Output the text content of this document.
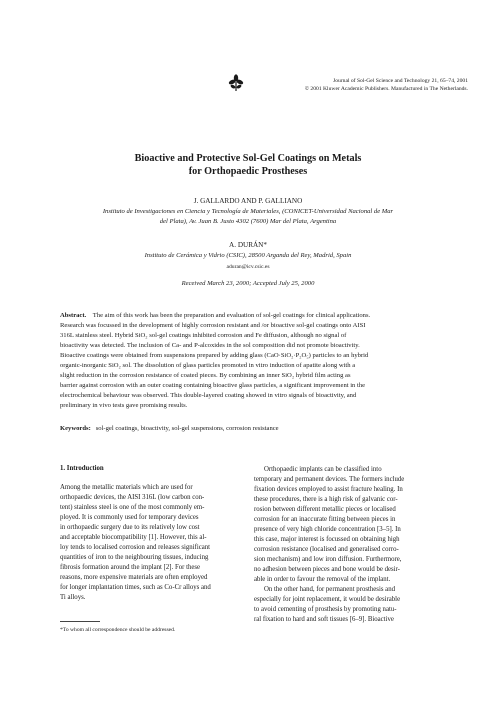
Journal of Sol-Gel Science and Technology 21, 65–74, 2001
© 2001 Kluwer Academic Publishers. Manufactured in The Netherlands.
Bioactive and Protective Sol-Gel Coatings on Metals
for Orthopaedic Prostheses
J. GALLARDO AND P. GALLIANO
Instituto de Investigaciones en Ciencia y Tecnología de Materiales, (CONICET-Universidad Nacional de Mar
del Plata), Av. Juan B. Justo 4302 (7600) Mar del Plata, Argentina
A. DURÁN*
Instituto de Cerámica y Vidrio (CSIC), 28500 Arganda del Rey, Madrid, Spain
aduran@icv.csic.es
Received March 23, 2000; Accepted July 25, 2000
Abstract. The aim of this work has been the preparation and evaluation of sol-gel coatings for clinical applications.
Research was focussed in the development of highly corrosion resistant and /or bioactive sol-gel coatings onto AISI
316L stainless steel. Hybrid SiO₂ sol-gel coatings inhibited corrosion and Fe diffusion, although no signal of
bioactivity was detected. The inclusion of Ca- and P-alcoxides in the sol composition did not promote bioactivity.
Bioactive coatings were obtained from suspensions prepared by adding glass (CaO·SiO₂·P₂O₅) particles to an hybrid
organic-inorganic SiO₂ sol. The dissolution of glass particles promoted in vitro induction of apatite along with a
slight reduction in the corrosion resistance of coated pieces. By combining an inner SiO₂ hybrid film acting as
barrier against corrosion with an outer coating containing bioactive glass particles, a significant improvement in the
electrochemical behaviour was observed. This double-layered coating showed in vitro signals of bioactivity, and
preliminary in vivo tests gave promising results.
Keywords: sol-gel coatings, bioactivity, sol-gel suspensions, corrosion resistance
1. Introduction
Among the metallic materials which are used for
orthopaedic devices, the AISI 316L (low carbon con-
tent) stainless steel is one of the most commonly em-
ployed. It is commonly used for temporary devices
in orthopaedic surgery due to its relatively low cost
and acceptable biocompatibility [1]. However, this al-
loy tends to localised corrosion and releases significant
quantities of iron to the neighbouring tissues, inducing
fibrosis formation around the implant [2]. For these
reasons, more expensive materials are often employed
for longer implantation times, such as Co-Cr alloys and
Ti alloys.
Orthopaedic implants can be classified into
temporary and permanent devices. The formers include
fixation devices employed to assist fracture healing. In
these procedures, there is a high risk of galvanic cor-
rosion between different metallic pieces or localised
corrosion for an inaccurate fitting between pieces in
presence of very high chloride concentration [3–5]. In
this case, major interest is focussed on obtaining high
corrosion resistance (localised and generalised corro-
sion mechanism) and low iron diffusion. Furthermore,
no adhesion between pieces and bone would be desir-
able in order to favour the removal of the implant.
On the other hand, for permanent prosthesis and
especially for joint replacement, it would be desirable
to avoid cementing of prosthesis by promoting natu-
ral fixation to hard and soft tissues [6–9]. Bioactive
*To whom all correspondence should be addressed.
